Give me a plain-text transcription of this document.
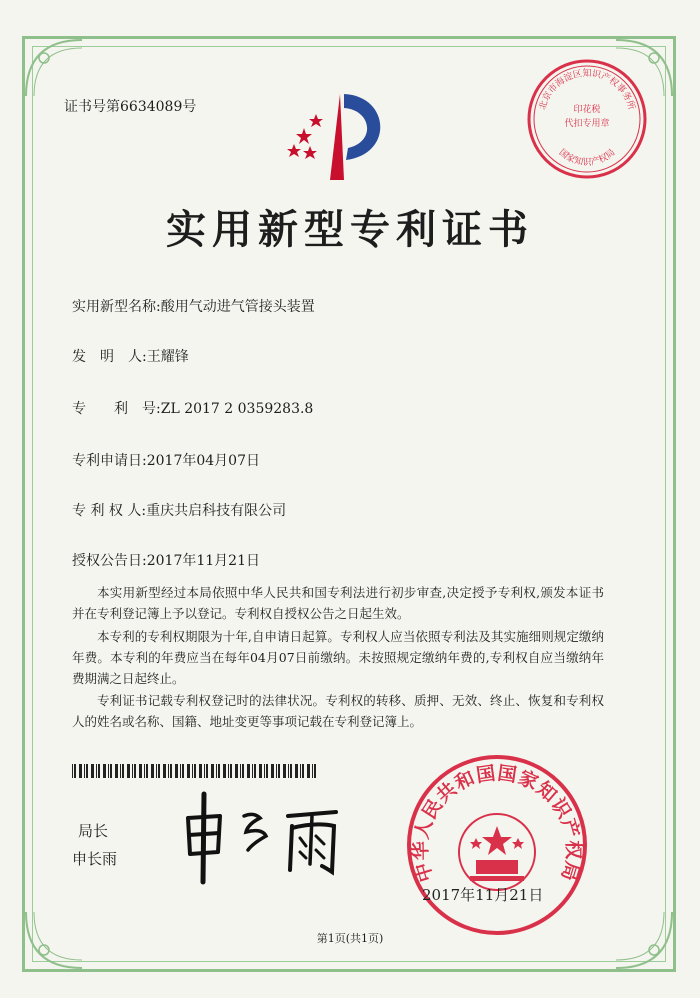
证书号第6634089号	北京市海淀区知识产权事务所
国家知识产权局
印花税
代扣专用章
实用新型专利证书
实用新型名称:酸用气动进气管接头装置
发　明　人:王耀锋
专　　利　号:ZL 2017 2 0359283.8
专利申请日:2017年04月07日
专 利 权 人:重庆共启科技有限公司
授权公告日:2017年11月21日
本实用新型经过本局依照中华人民共和国专利法进行初步审查,决定授予专利权,颁发本证书并在专利登记簿上予以登记。专利权自授权公告之日起生效。
本专利的专利权期限为十年,自申请日起算。专利权人应当依照专利法及其实施细则规定缴纳年费。本专利的年费应当在每年04月07日前缴纳。未按照规定缴纳年费的,专利权自应当缴纳年费期满之日起终止。
专利证书记载专利权登记时的法律状况。专利权的转移、质押、无效、终止、恢复和专利权人的姓名或名称、国籍、地址变更等事项记载在专利登记簿上。
局长
申长雨	中华人民共和国国家知识产权局
2017年11月21日
第1页(共1页)
